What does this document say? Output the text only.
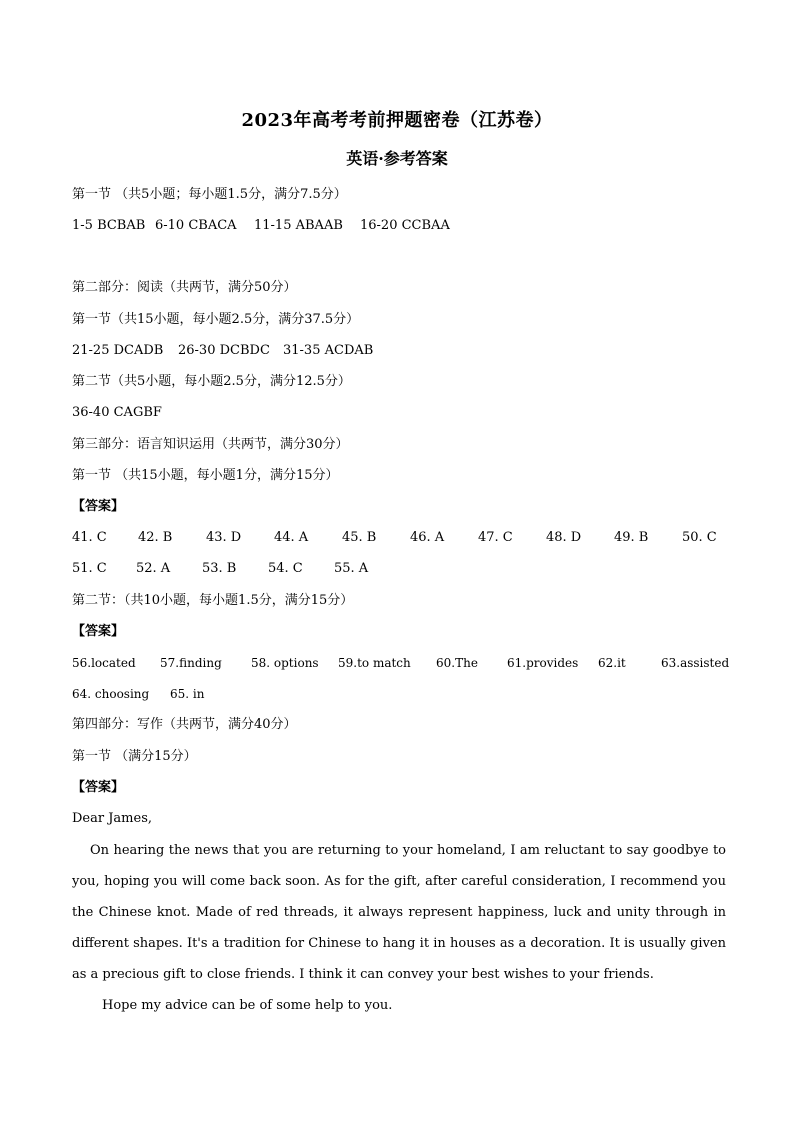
2023年高考考前押题密卷（江苏卷）
英语·参考答案
第一节 （共5小题；每小题1.5分，满分7.5分）
1-5 BCBAB 6-10 CBACA 11-15 ABAAB 16-20 CCBAA
第二部分：阅读（共两节，满分50分）
第一节（共15小题，每小题2.5分，满分37.5分）
21-25 DCADB 26-30 DCBDC 31-35 ACDAB
第二节（共5小题，每小题2.5分，满分12.5分）
36-40 CAGBF
第三部分：语言知识运用（共两节，满分30分）
第一节 （共15小题，每小题1分，满分15分）
【答案】
41. C 42. B	43. D	44. A	45. B	46. A	47. C	48. D	49. B	50. C
51. C 52. A 53. B 54. C 55. A
第二节：（共10小题，每小题1.5分，满分15分）
【答案】
56.located 57.finding 58. options 59.to match 60.The 61.provides 62.it	63.assisted
64. choosing 65. in
第四部分：写作（共两节，满分40分）
第一节 （满分15分）
【答案】
Dear James,
On hearing the news that you are returning to your homeland, I am reluctant to say goodbye to you, hoping you will come back soon. As for the gift, after careful consideration, I recommend you the Chinese knot. Made of red threads, it always represent happiness, luck and unity through in different shapes. It's a tradition for Chinese to hang it in houses as a decoration. It is usually given as a precious gift to close friends. I think it can convey your best wishes to your friends.
Hope my advice can be of some help to you.
